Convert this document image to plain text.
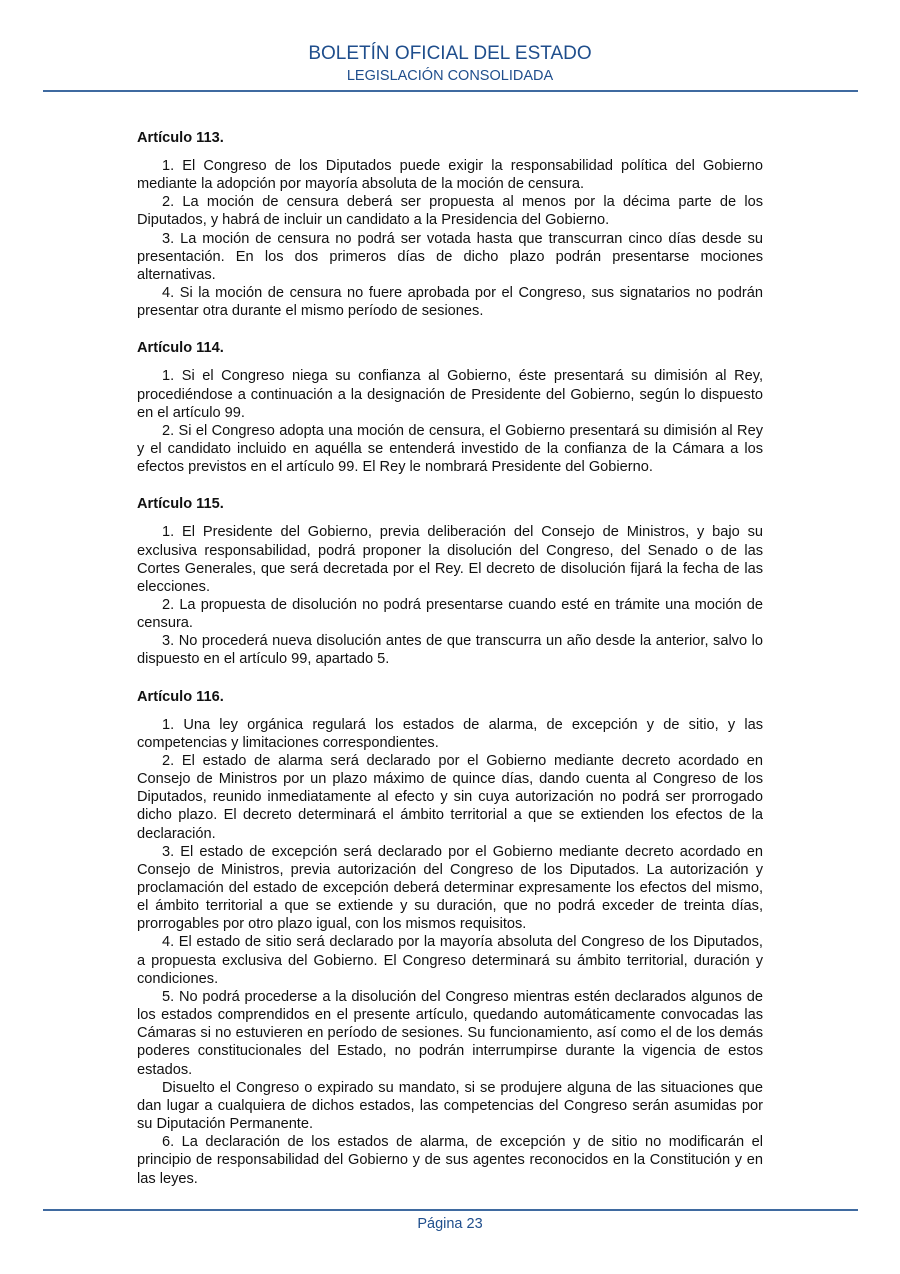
BOLETÍN OFICIAL DEL ESTADO
LEGISLACIÓN CONSOLIDADA
Artículo 113.

1. El Congreso de los Diputados puede exigir la responsabilidad política del Gobierno mediante la adopción por mayoría absoluta de la moción de censura.

2. La moción de censura deberá ser propuesta al menos por la décima parte de los Diputados, y habrá de incluir un candidato a la Presidencia del Gobierno.

3. La moción de censura no podrá ser votada hasta que transcurran cinco días desde su presentación. En los dos primeros días de dicho plazo podrán presentarse mociones alternativas.

4. Si la moción de censura no fuere aprobada por el Congreso, sus signatarios no podrán presentar otra durante el mismo período de sesiones.

Artículo 114.

1. Si el Congreso niega su confianza al Gobierno, éste presentará su dimisión al Rey, procediéndose a continuación a la designación de Presidente del Gobierno, según lo dispuesto en el artículo 99.

2. Si el Congreso adopta una moción de censura, el Gobierno presentará su dimisión al Rey y el candidato incluido en aquélla se entenderá investido de la confianza de la Cámara a los efectos previstos en el artículo 99. El Rey le nombrará Presidente del Gobierno.

Artículo 115.

1. El Presidente del Gobierno, previa deliberación del Consejo de Ministros, y bajo su exclusiva responsabilidad, podrá proponer la disolución del Congreso, del Senado o de las Cortes Generales, que será decretada por el Rey. El decreto de disolución fijará la fecha de las elecciones.

2. La propuesta de disolución no podrá presentarse cuando esté en trámite una moción de censura.

3. No procederá nueva disolución antes de que transcurra un año desde la anterior, salvo lo dispuesto en el artículo 99, apartado 5.

Artículo 116.

1. Una ley orgánica regulará los estados de alarma, de excepción y de sitio, y las competencias y limitaciones correspondientes.

2. El estado de alarma será declarado por el Gobierno mediante decreto acordado en Consejo de Ministros por un plazo máximo de quince días, dando cuenta al Congreso de los Diputados, reunido inmediatamente al efecto y sin cuya autorización no podrá ser prorrogado dicho plazo. El decreto determinará el ámbito territorial a que se extienden los efectos de la declaración.

3. El estado de excepción será declarado por el Gobierno mediante decreto acordado en Consejo de Ministros, previa autorización del Congreso de los Diputados. La autorización y proclamación del estado de excepción deberá determinar expresamente los efectos del mismo, el ámbito territorial a que se extiende y su duración, que no podrá exceder de treinta días, prorrogables por otro plazo igual, con los mismos requisitos.

4. El estado de sitio será declarado por la mayoría absoluta del Congreso de los Diputados, a propuesta exclusiva del Gobierno. El Congreso determinará su ámbito territorial, duración y condiciones.

5. No podrá procederse a la disolución del Congreso mientras estén declarados algunos de los estados comprendidos en el presente artículo, quedando automáticamente convocadas las Cámaras si no estuvieren en período de sesiones. Su funcionamiento, así como el de los demás poderes constitucionales del Estado, no podrán interrumpirse durante la vigencia de estos estados.

Disuelto el Congreso o expirado su mandato, si se produjere alguna de las situaciones que dan lugar a cualquiera de dichos estados, las competencias del Congreso serán asumidas por su Diputación Permanente.

6. La declaración de los estados de alarma, de excepción y de sitio no modificarán el principio de responsabilidad del Gobierno y de sus agentes reconocidos en la Constitución y en las leyes.

Página 23
